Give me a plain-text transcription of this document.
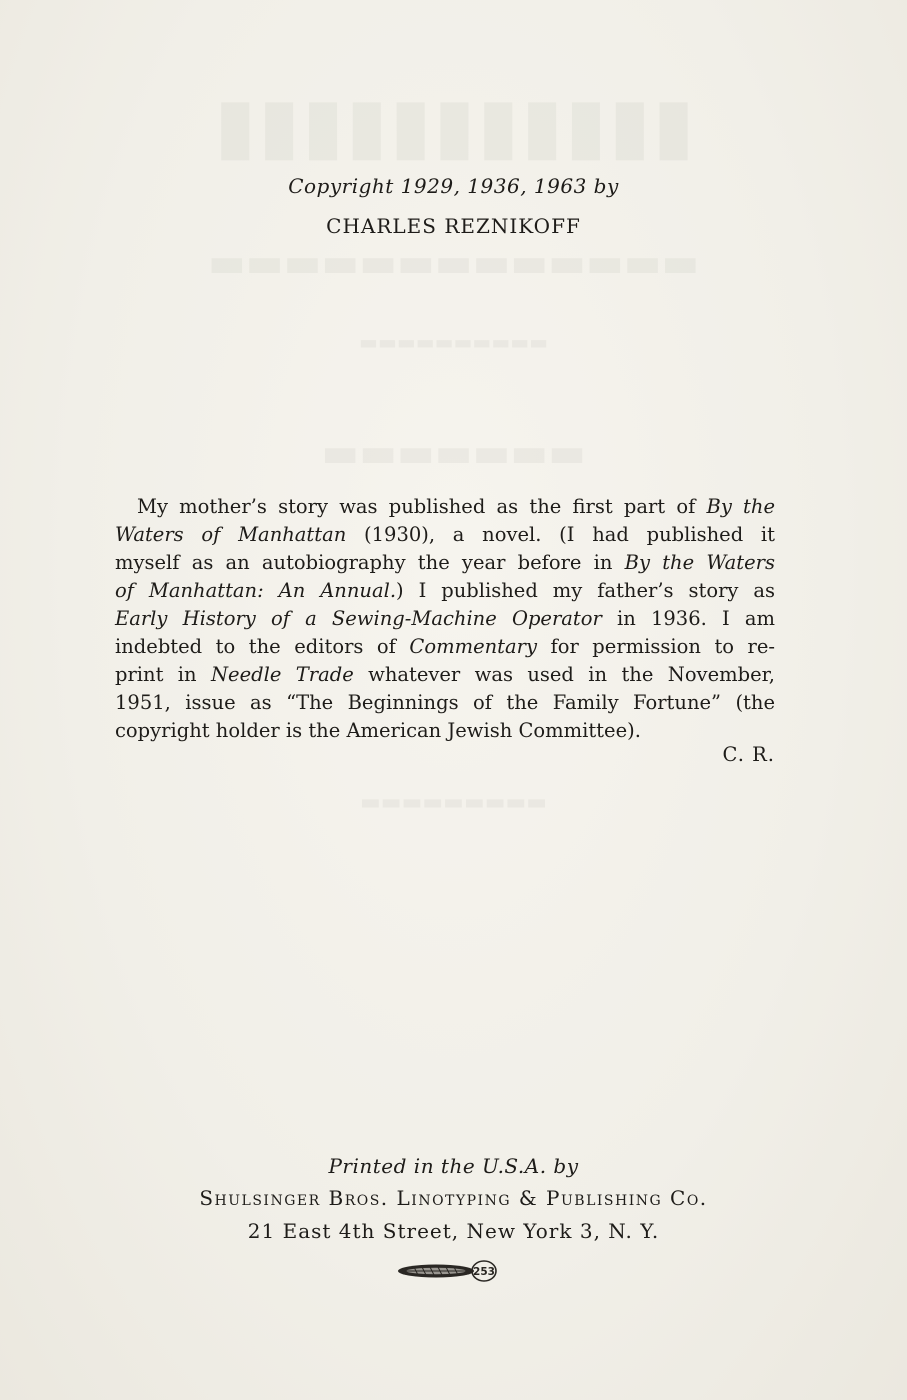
▮▮▮▮▮▮▮▮▮▮▮
▬▬▬▬▬▬▬▬▬▬▬▬▬
▬▬▬▬▬▬▬▬▬▬
▬▬▬▬▬▬▬
▬▬▬▬▬▬▬▬▬
Copyright 1929, 1936, 1963 by
CHARLES REZNIKOFF
My mother’s story was published as the first part of By the
Waters of Manhattan (1930), a novel. (I had published it
myself as an autobiography the year before in By the Waters
of Manhattan: An Annual.) I published my father’s story as
Early History of a Sewing-Machine Operator in 1936. I am
indebted to the editors of Commentary for permission to re-
print in Needle Trade whatever was used in the November,
1951, issue as “The Beginnings of the Family Fortune” (the
copyright holder is the American Jewish Committee).
C. R.
Printed in the U.S.A. by
Shulsinger Bros. Linotyping & Publishing Co.
21 East 4th Street, New York 3, N. Y.
253
